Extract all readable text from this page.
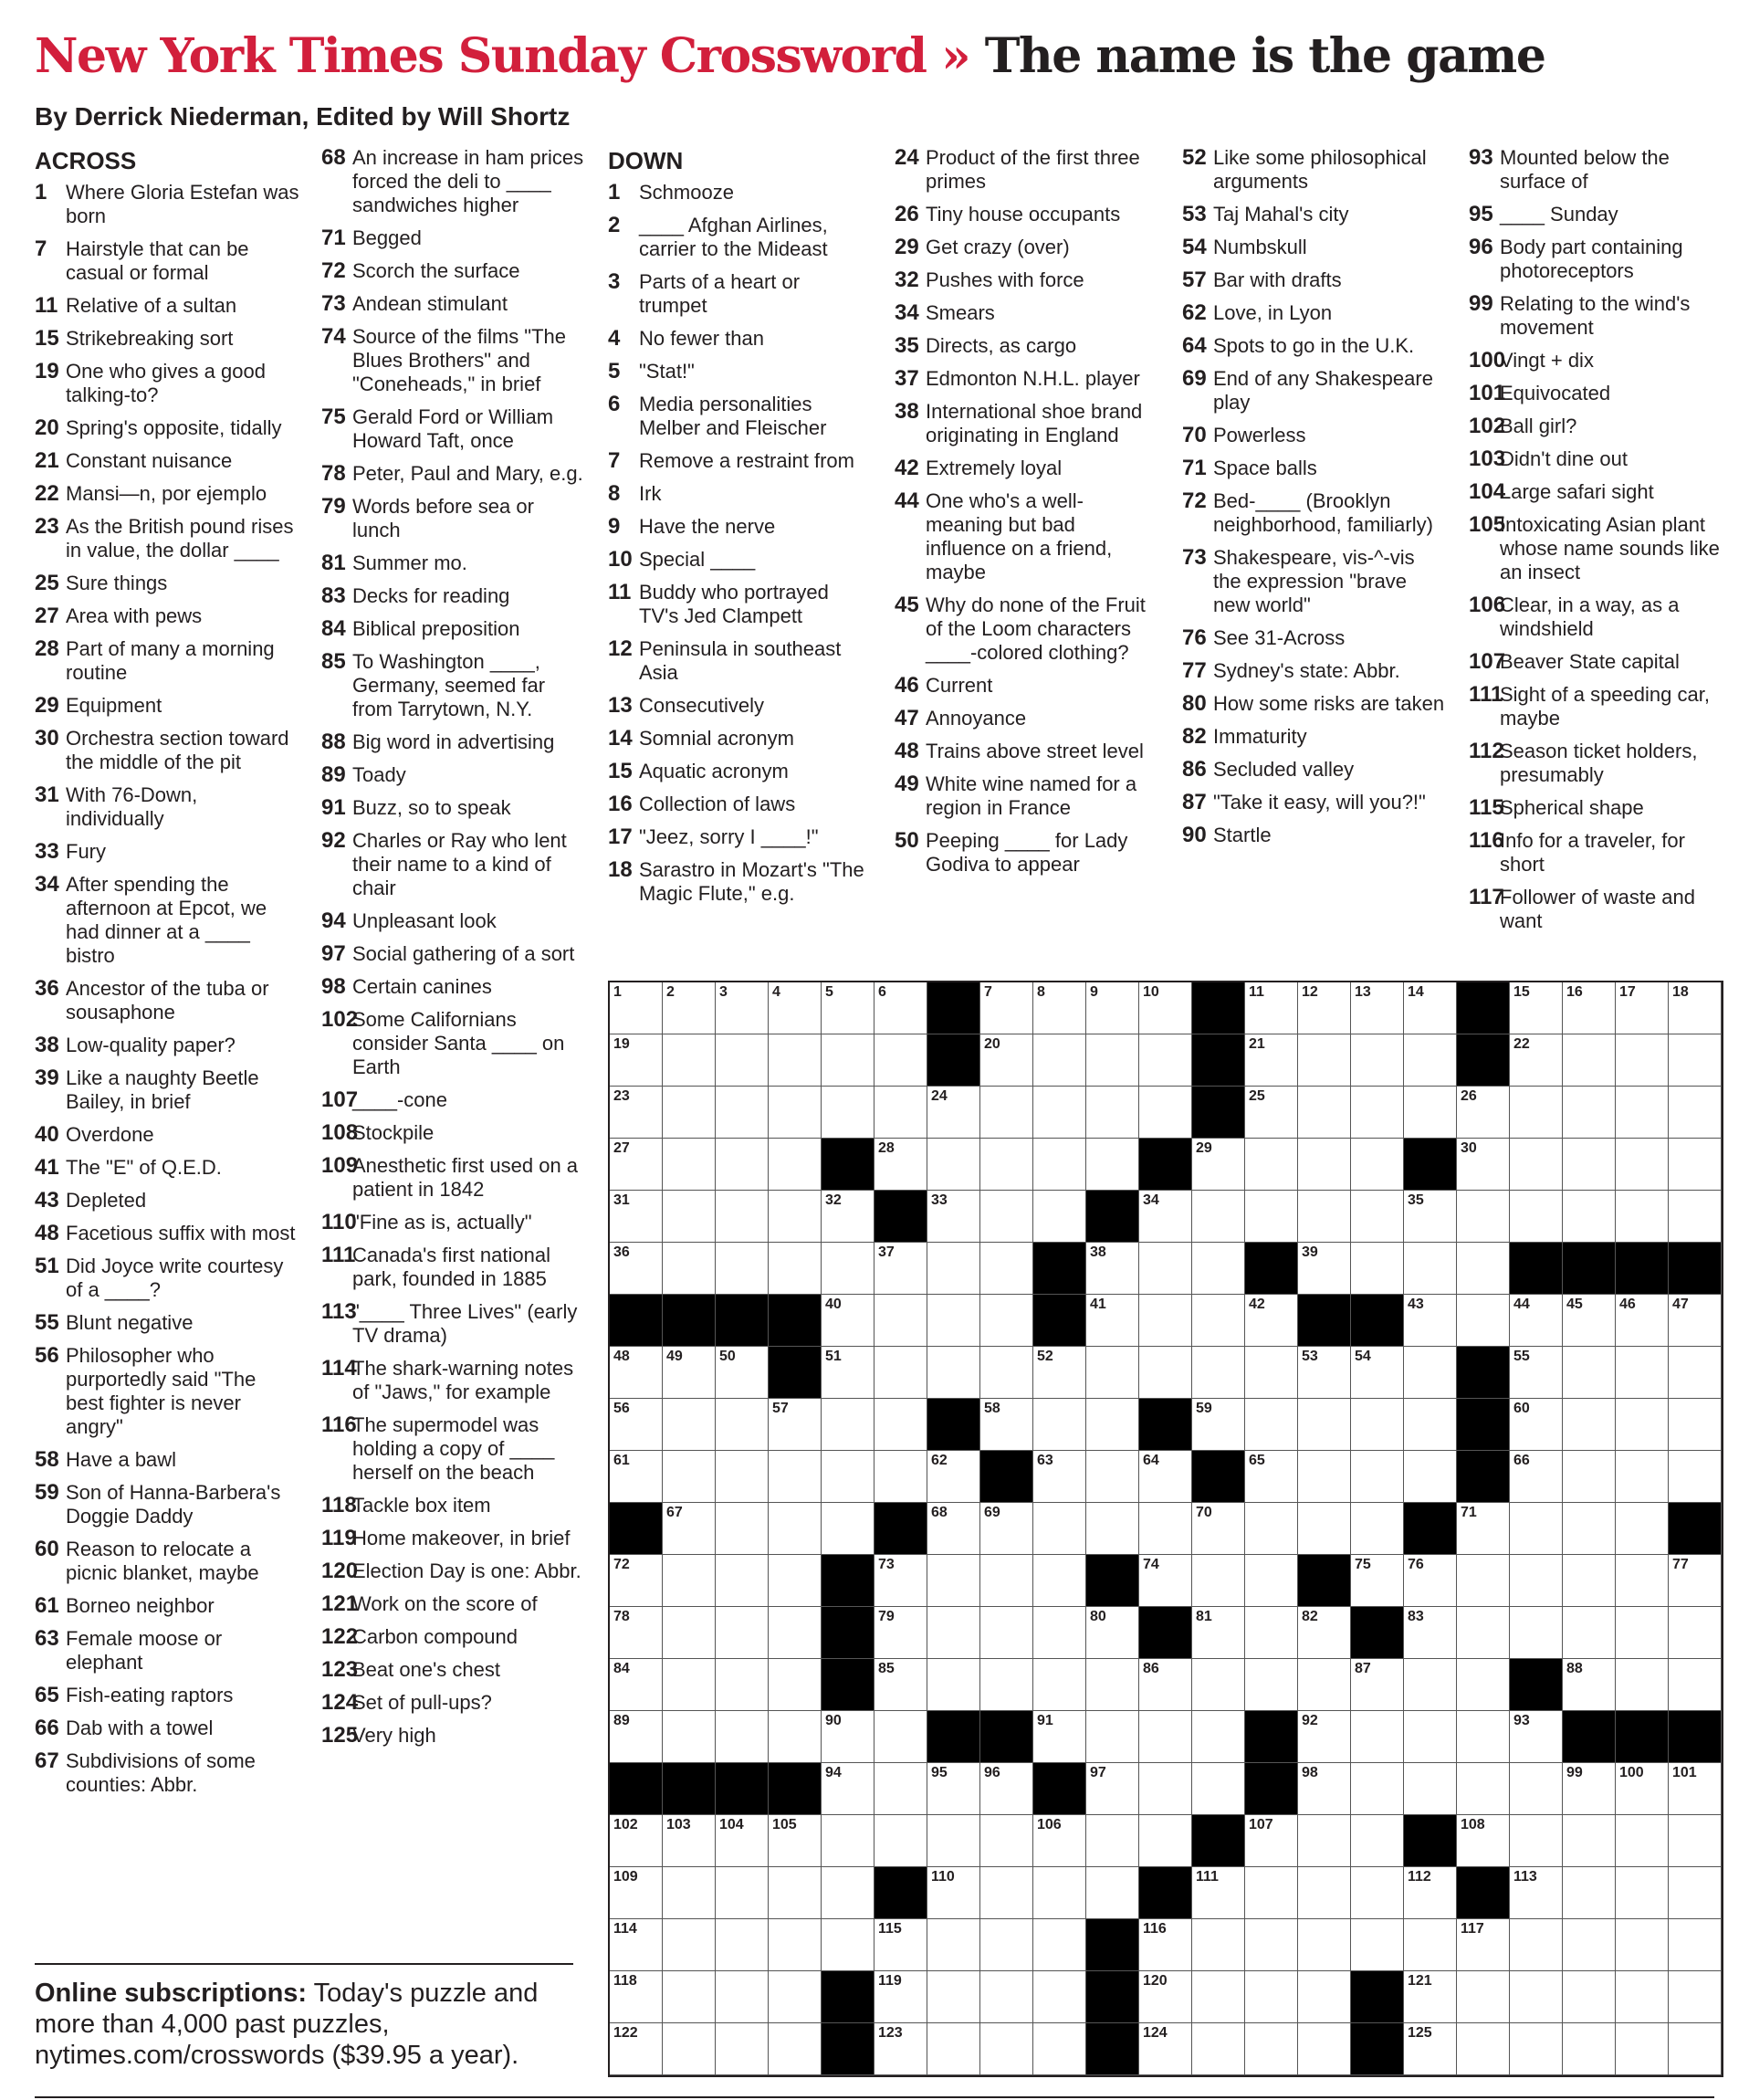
New York Times Sunday Crossword » The name is the game
By Derrick Niederman, Edited by Will Shortz
ACROSS
1 Where Gloria Estefan was born
7 Hairstyle that can be casual or formal
11 Relative of a sultan
15 Strikebreaking sort
19 One who gives a good talking-to?
20 Spring's opposite, tidally
21 Constant nuisance
22 Mansi—n, por ejemplo
23 As the British pound rises in value, the dollar ____
25 Sure things
27 Area with pews
28 Part of many a morning routine
29 Equipment
30 Orchestra section toward the middle of the pit
31 With 76-Down, individually
33 Fury
34 After spending the afternoon at Epcot, we had dinner at a ____ bistro
36 Ancestor of the tuba or sousaphone
38 Low-quality paper?
39 Like a naughty Beetle Bailey, in brief
40 Overdone
41 The "E" of Q.E.D.
43 Depleted
48 Facetious suffix with most
51 Did Joyce write courtesy of a ____?
55 Blunt negative
56 Philosopher who purportedly said "The best fighter is never angry"
58 Have a bawl
59 Son of Hanna-Barbera's Doggie Daddy
60 Reason to relocate a picnic blanket, maybe
61 Borneo neighbor
63 Female moose or elephant
65 Fish-eating raptors
66 Dab with a towel
67 Subdivisions of some counties: Abbr.
68 An increase in ham prices forced the deli to ____ sandwiches higher
71 Begged
72 Scorch the surface
73 Andean stimulant
74 Source of the films "The Blues Brothers" and "Coneheads," in brief
75 Gerald Ford or William Howard Taft, once
78 Peter, Paul and Mary, e.g.
79 Words before sea or lunch
81 Summer mo.
83 Decks for reading
84 Biblical preposition
85 To Washington ____, Germany, seemed far from Tarrytown, N.Y.
88 Big word in advertising
89 Toady
91 Buzz, so to speak
92 Charles or Ray who lent their name to a kind of chair
94 Unpleasant look
97 Social gathering of a sort
98 Certain canines
102
Some Californians consider Santa ____ on Earth
107
____-cone
108
Stockpile
109
Anesthetic first used on a patient in 1842
110
"Fine as is, actually"
111
Canada's first national park, founded in 1885
113
"____ Three Lives" (early TV drama)
114
The shark-warning notes of "Jaws," for example
116
The supermodel was holding a copy of ____ herself on the beach
118
Tackle box item
119
Home makeover, in brief
120
Election Day is one: Abbr.
121
Work on the score of
122
Carbon compound
123
Beat one's chest
124
Set of pull-ups?
125
Very high
DOWN
1 Schmooze
2 ____ Afghan Airlines, carrier to the Mideast
3 Parts of a heart or trumpet
4 No fewer than
5 "Stat!"
6 Media personalities Melber and Fleischer
7 Remove a restraint from
8 Irk
9 Have the nerve
10 Special ____
11 Buddy who portrayed TV's Jed Clampett
12 Peninsula in southeast Asia
13 Consecutively
14 Somnial acronym
15 Aquatic acronym
16 Collection of laws
17 "Jeez, sorry I ____!"
18 Sarastro in Mozart's "The Magic Flute," e.g.
24 Product of the first three primes
26 Tiny house occupants
29 Get crazy (over)
32 Pushes with force
34 Smears
35 Directs, as cargo
37 Edmonton N.H.L. player
38 International shoe brand originating in England
42 Extremely loyal
44 One who's a well-meaning but bad influence on a friend, maybe
45 Why do none of the Fruit of the Loom characters ____-colored clothing?
46 Current
47 Annoyance
48 Trains above street level
49 White wine named for a region in France
50 Peeping ____ for Lady Godiva to appear
52 Like some philosophical arguments
53 Taj Mahal's city
54 Numbskull
57 Bar with drafts
62 Love, in Lyon
64 Spots to go in the U.K.
69 End of any Shakespeare play
70 Powerless
71 Space balls
72 Bed-____ (Brooklyn neighborhood, familiarly)
73 Shakespeare, vis-^-vis the expression "brave new world"
76 See 31-Across
77 Sydney's state: Abbr.
80 How some risks are taken
82 Immaturity
86 Secluded valley
87 "Take it easy, will you?!"
90 Startle
93 Mounted below the surface of
95 ____ Sunday
96 Body part containing photoreceptors
99 Relating to the wind's movement
100
Vingt + dix
101
Equivocated
102
Ball girl?
103
Didn't dine out
104
Large safari sight
105
Intoxicating Asian plant whose name sounds like an insect
106
Clear, in a way, as a windshield
107
Beaver State capital
111
Sight of a speeding car, maybe
112
Season ticket holders, presumably
115
Spherical shape
116
Info for a traveler, for short
117
Follower of waste and want
1	2	3	4	5	6	7	8	9	10	11	12	13	14	15	16	17	18
19	20	21	22
23	24	25	26
27	28	29	30
31	32	33	34	35
36	37	38	39
40	41	42	43	44	45	46	47
48	49	50	51	52	53	54	55
56	57	58	59	60
61	62	63	64	65	66
67	68	69	70	71
72	73	74	75	76	77
78	79	80	81	82	83
84	85	86	87	88
89	90	91	92	93
94	95	96	97	98	99	100 101
102 103 104 105	106	107	108
109	110	111	112	113
114	115	116	117
118	119	120	121
122	123	124	125
Online subscriptions: Today's puzzle and more than 4,000 past puzzles, nytimes.com/crosswords ($39.95 a year).
